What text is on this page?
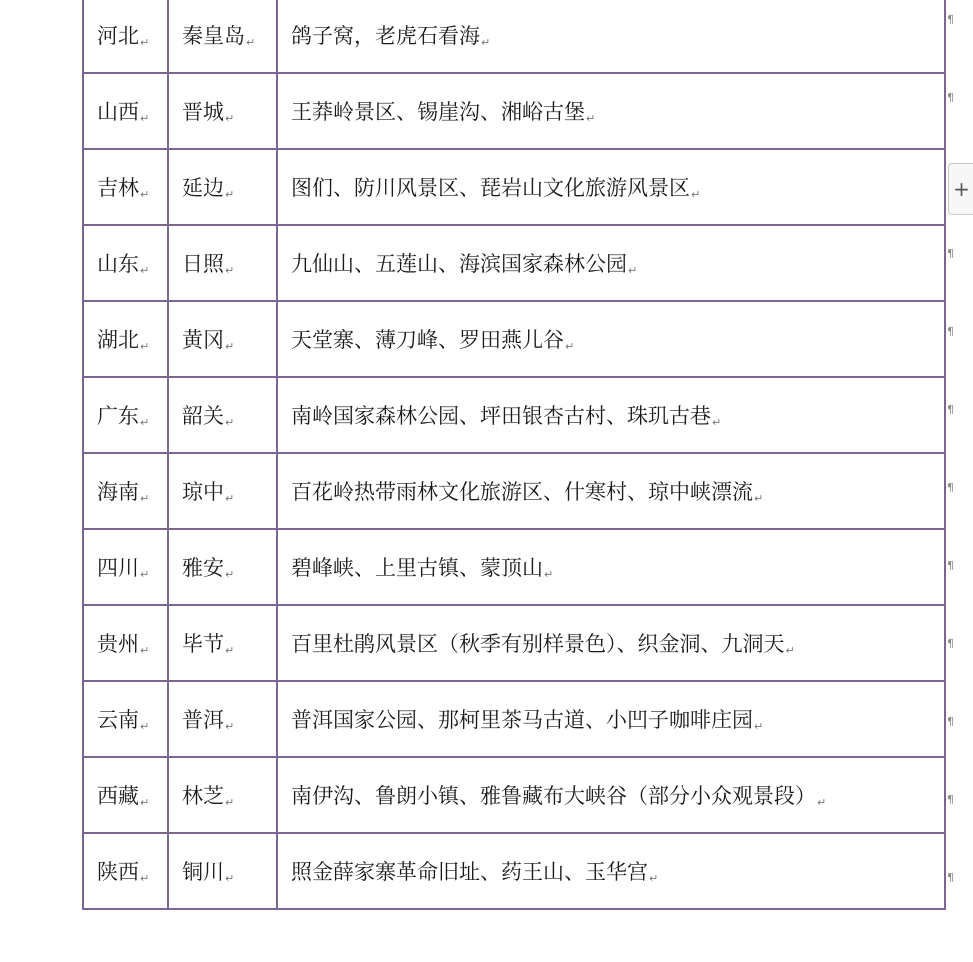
河北↵	秦皇岛↵	鸽子窝，老虎石看海↵
山西↵	晋城↵	王莽岭景区、锡崖沟、湘峪古堡↵
吉林↵	延边↵	图们、防川风景区、琵岩山文化旅游风景区↵
山东↵	日照↵	九仙山、五莲山、海滨国家森林公园↵
湖北↵	黄冈↵	天堂寨、薄刀峰、罗田燕儿谷↵
广东↵	韶关↵	南岭国家森林公园、坪田银杏古村、珠玑古巷↵
海南↵	琼中↵	百花岭热带雨林文化旅游区、什寒村、琼中峡漂流↵
四川↵	雅安↵	碧峰峡、上里古镇、蒙顶山↵
贵州↵	毕节↵	百里杜鹃风景区（秋季有别样景色）、织金洞、九洞天↵
云南↵	普洱↵	普洱国家公园、那柯里茶马古道、小凹子咖啡庄园↵
西藏↵	林芝↵	南伊沟、鲁朗小镇、雅鲁藏布大峡谷（部分小众观景段）↵
陕西↵	铜川↵	照金薛家寨革命旧址、药王山、玉华宫↵
¶
¶
¶
¶
¶
¶
¶
¶
¶
¶
¶
+
